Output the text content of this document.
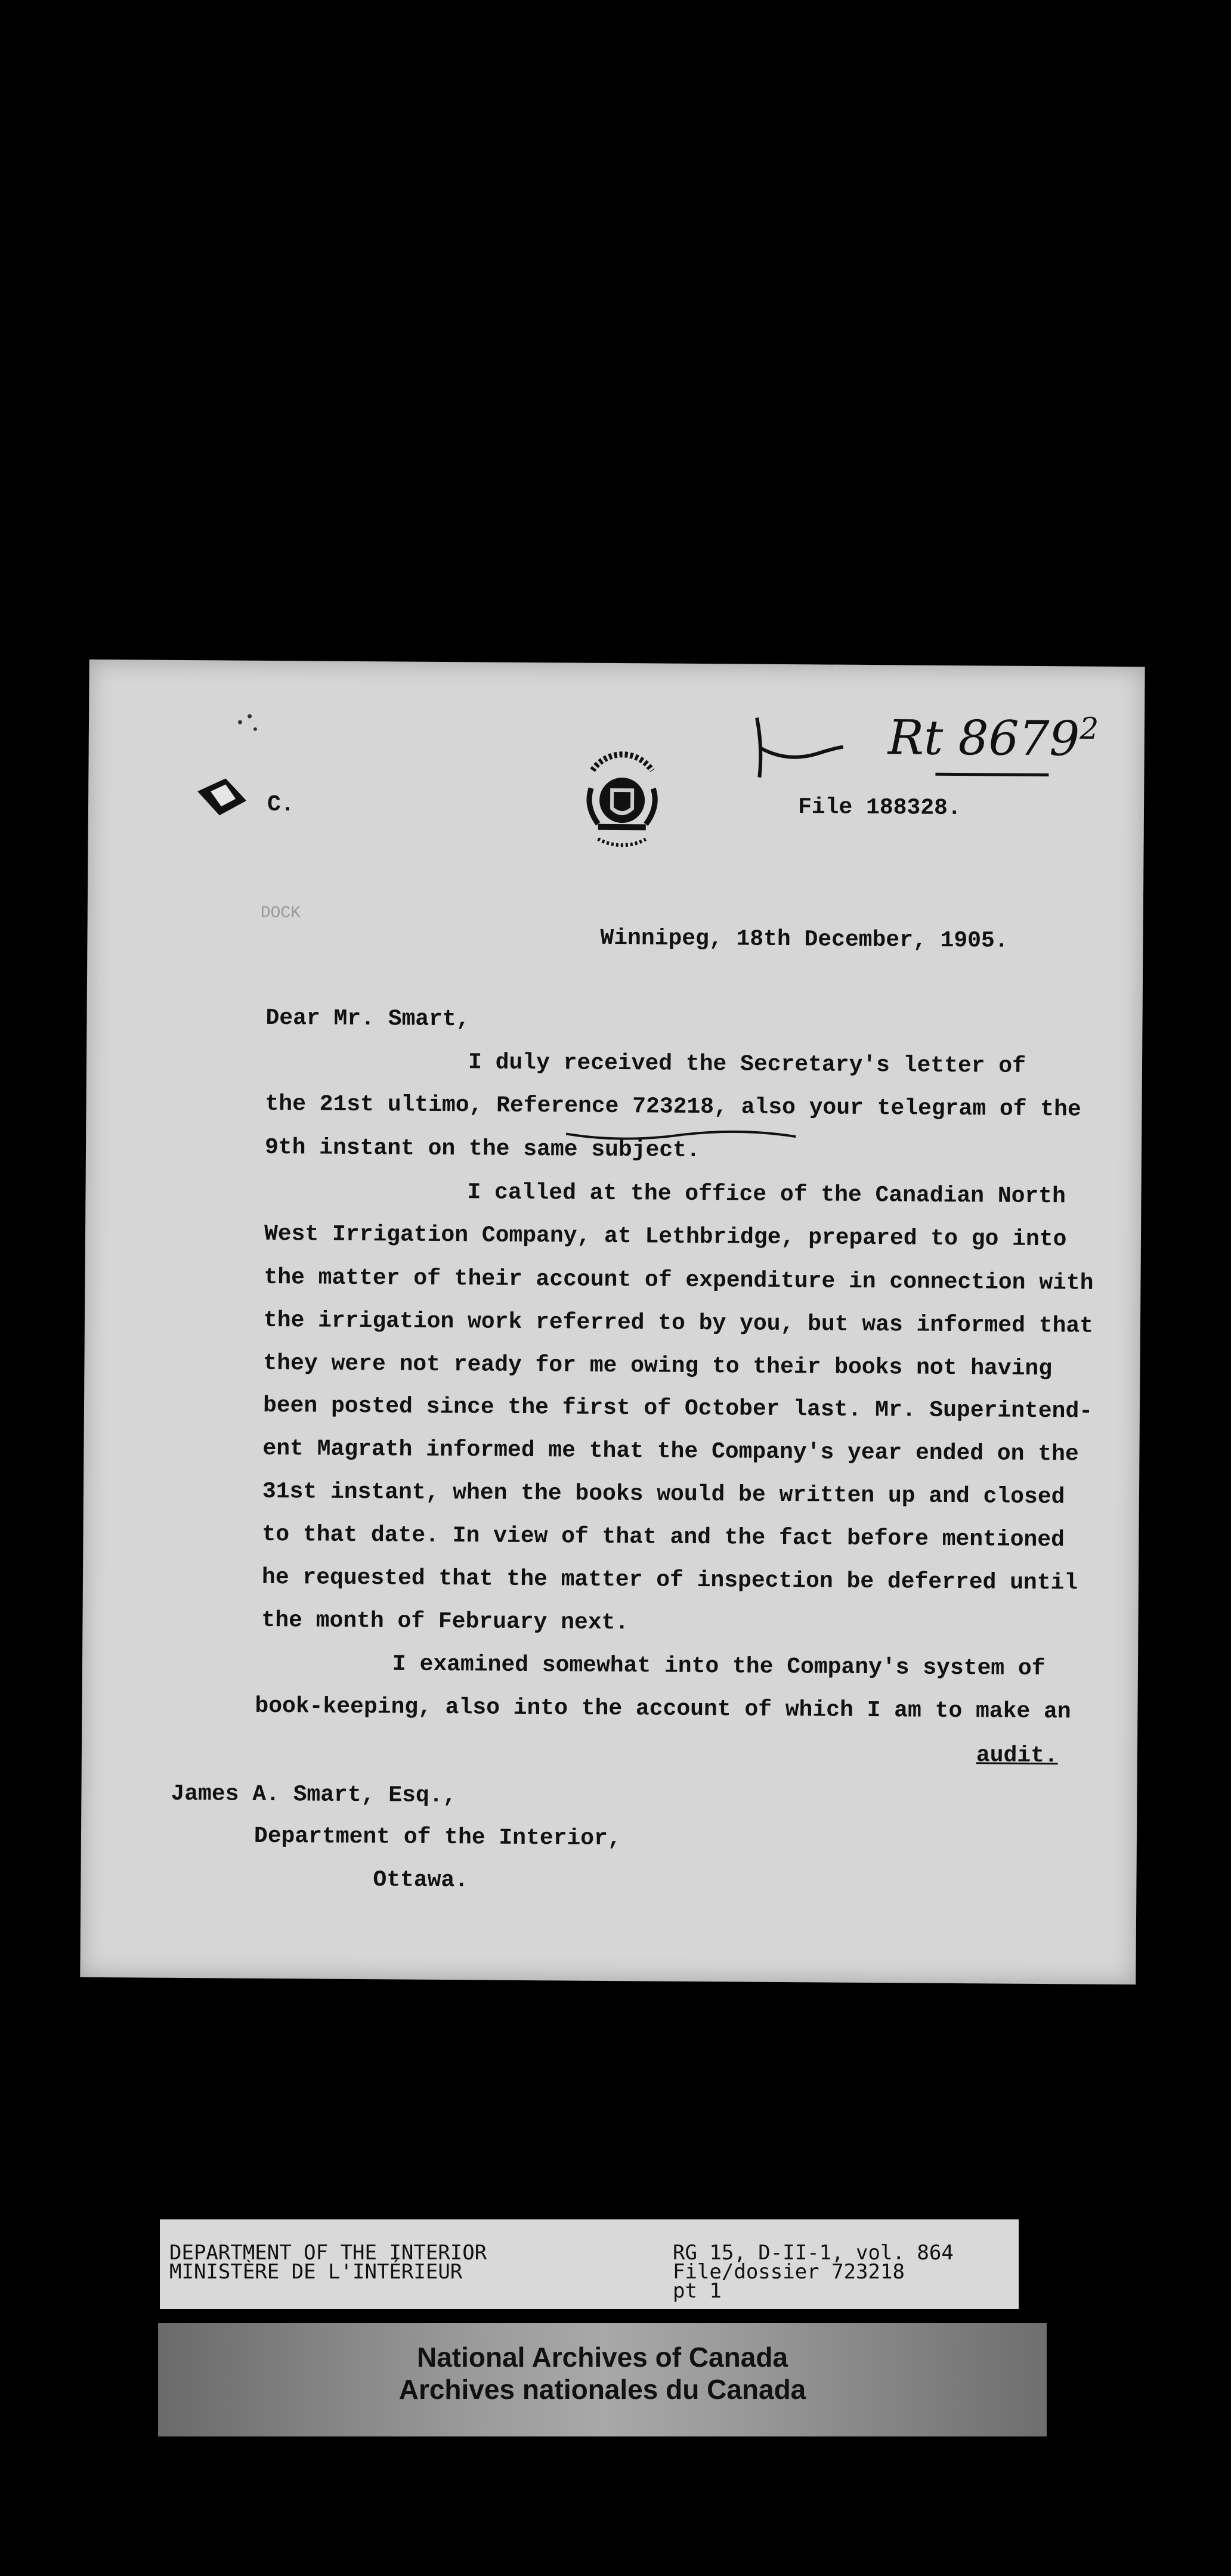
C.
Rt 8679$^2$
File 188328.
DOCK
Winnipeg, 18th December, 1905.
Dear Mr. Smart,
I duly received the Secretary's letter of
the 21st ultimo, Reference 723218, also your telegram of the
9th instant on the same subject.
I called at the office of the Canadian North
West Irrigation Company, at Lethbridge, prepared to go into
the matter of their account of expenditure in connection with
the irrigation work referred to by you, but was informed that
they were not ready for me owing to their books not having
been posted since the first of October last. Mr. Superintend-
ent Magrath informed me that the Company's year ended on the
31st instant, when the books would be written up and closed
to that date. In view of that and the fact before mentioned
he requested that the matter of inspection be deferred until
the month of February next.
I examined somewhat into the Company's system of
book-keeping, also into the account of which I am to make an
audit.
James A. Smart, Esq.,
Department of the Interior,
Ottawa.
DEPARTMENT OF THE INTERIOR
MINISTÈRE DE L'INTÉRIEUR
RG 15, D-II-1, vol. 864
File/dossier 723218
pt 1
National Archives of Canada
Archives nationales du Canada
